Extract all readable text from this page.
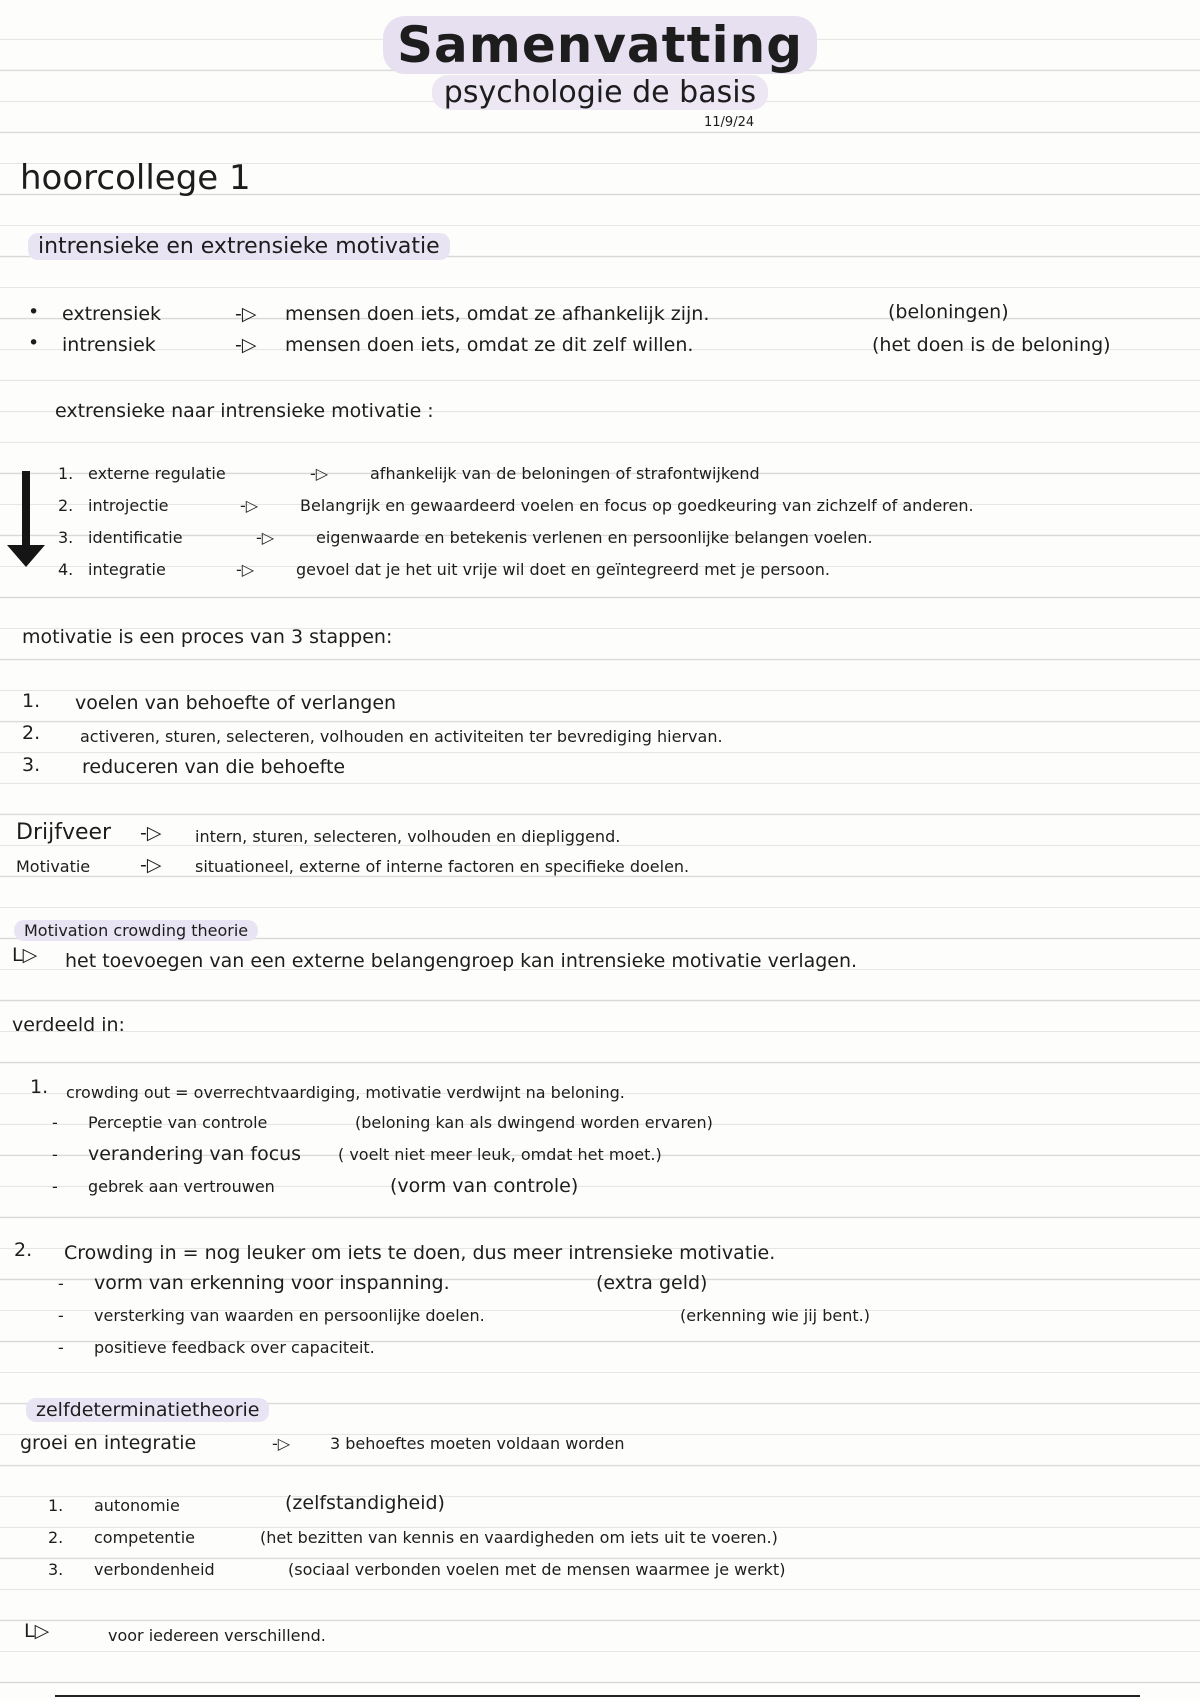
Samenvatting
psychologie de basis
11/9/24
hoorcollege 1
intrensieke en extrensieke motivatie
• extrensiek	-▷ mensen doen iets, omdat ze afhankelijk zijn.	(beloningen)
• intrensiek	-▷ mensen doen iets, omdat ze dit zelf willen.	(het doen is de beloning)
extrensieke naar intrensieke motivatie :
1. externe regulatie	-▷	afhankelijk van de beloningen of strafontwijkend
2. introjectie	-▷	Belangrijk en gewaardeerd voelen en focus op goedkeuring van zichzelf of anderen.
3. identificatie	-▷	eigenwaarde en betekenis verlenen en persoonlijke belangen voelen.
4. integratie	-▷	gevoel dat je het uit vrije wil doet en geïntegreerd met je persoon.
motivatie is een proces van 3 stappen:
1. voelen van behoefte of verlangen
2. activeren, sturen, selecteren, volhouden en activiteiten ter bevrediging hiervan.
3. reduceren van die behoefte
Drijfveer -▷ intern, sturen, selecteren, volhouden en diepliggend.
Motivatie	-▷ situationeel, externe of interne factoren en specifieke doelen.
Motivation crowding theorie
L▷ het toevoegen van een externe belangengroep kan intrensieke motivatie verlagen.
verdeeld in:
1. crowding out = overrechtvaardiging, motivatie verdwijnt na beloning.
- Perceptie van controle	(beloning kan als dwingend worden ervaren)
- verandering van focus ( voelt niet meer leuk, omdat het moet.)
- gebrek aan vertrouwen	(vorm van controle)
2. Crowding in = nog leuker om iets te doen, dus meer intrensieke motivatie.
- vorm van erkenning voor inspanning.	(extra geld)
- versterking van waarden en persoonlijke doelen.	(erkenning wie jij bent.)
- positieve feedback over capaciteit.
zelfdeterminatietheorie
groei en integratie	-▷ 3 behoeftes moeten voldaan worden
1. autonomie	(zelfstandigheid)
2. competentie	(het bezitten van kennis en vaardigheden om iets uit te voeren.)
3. verbondenheid	(sociaal verbonden voelen met de mensen waarmee je werkt)
L▷	voor iedereen verschillend.
